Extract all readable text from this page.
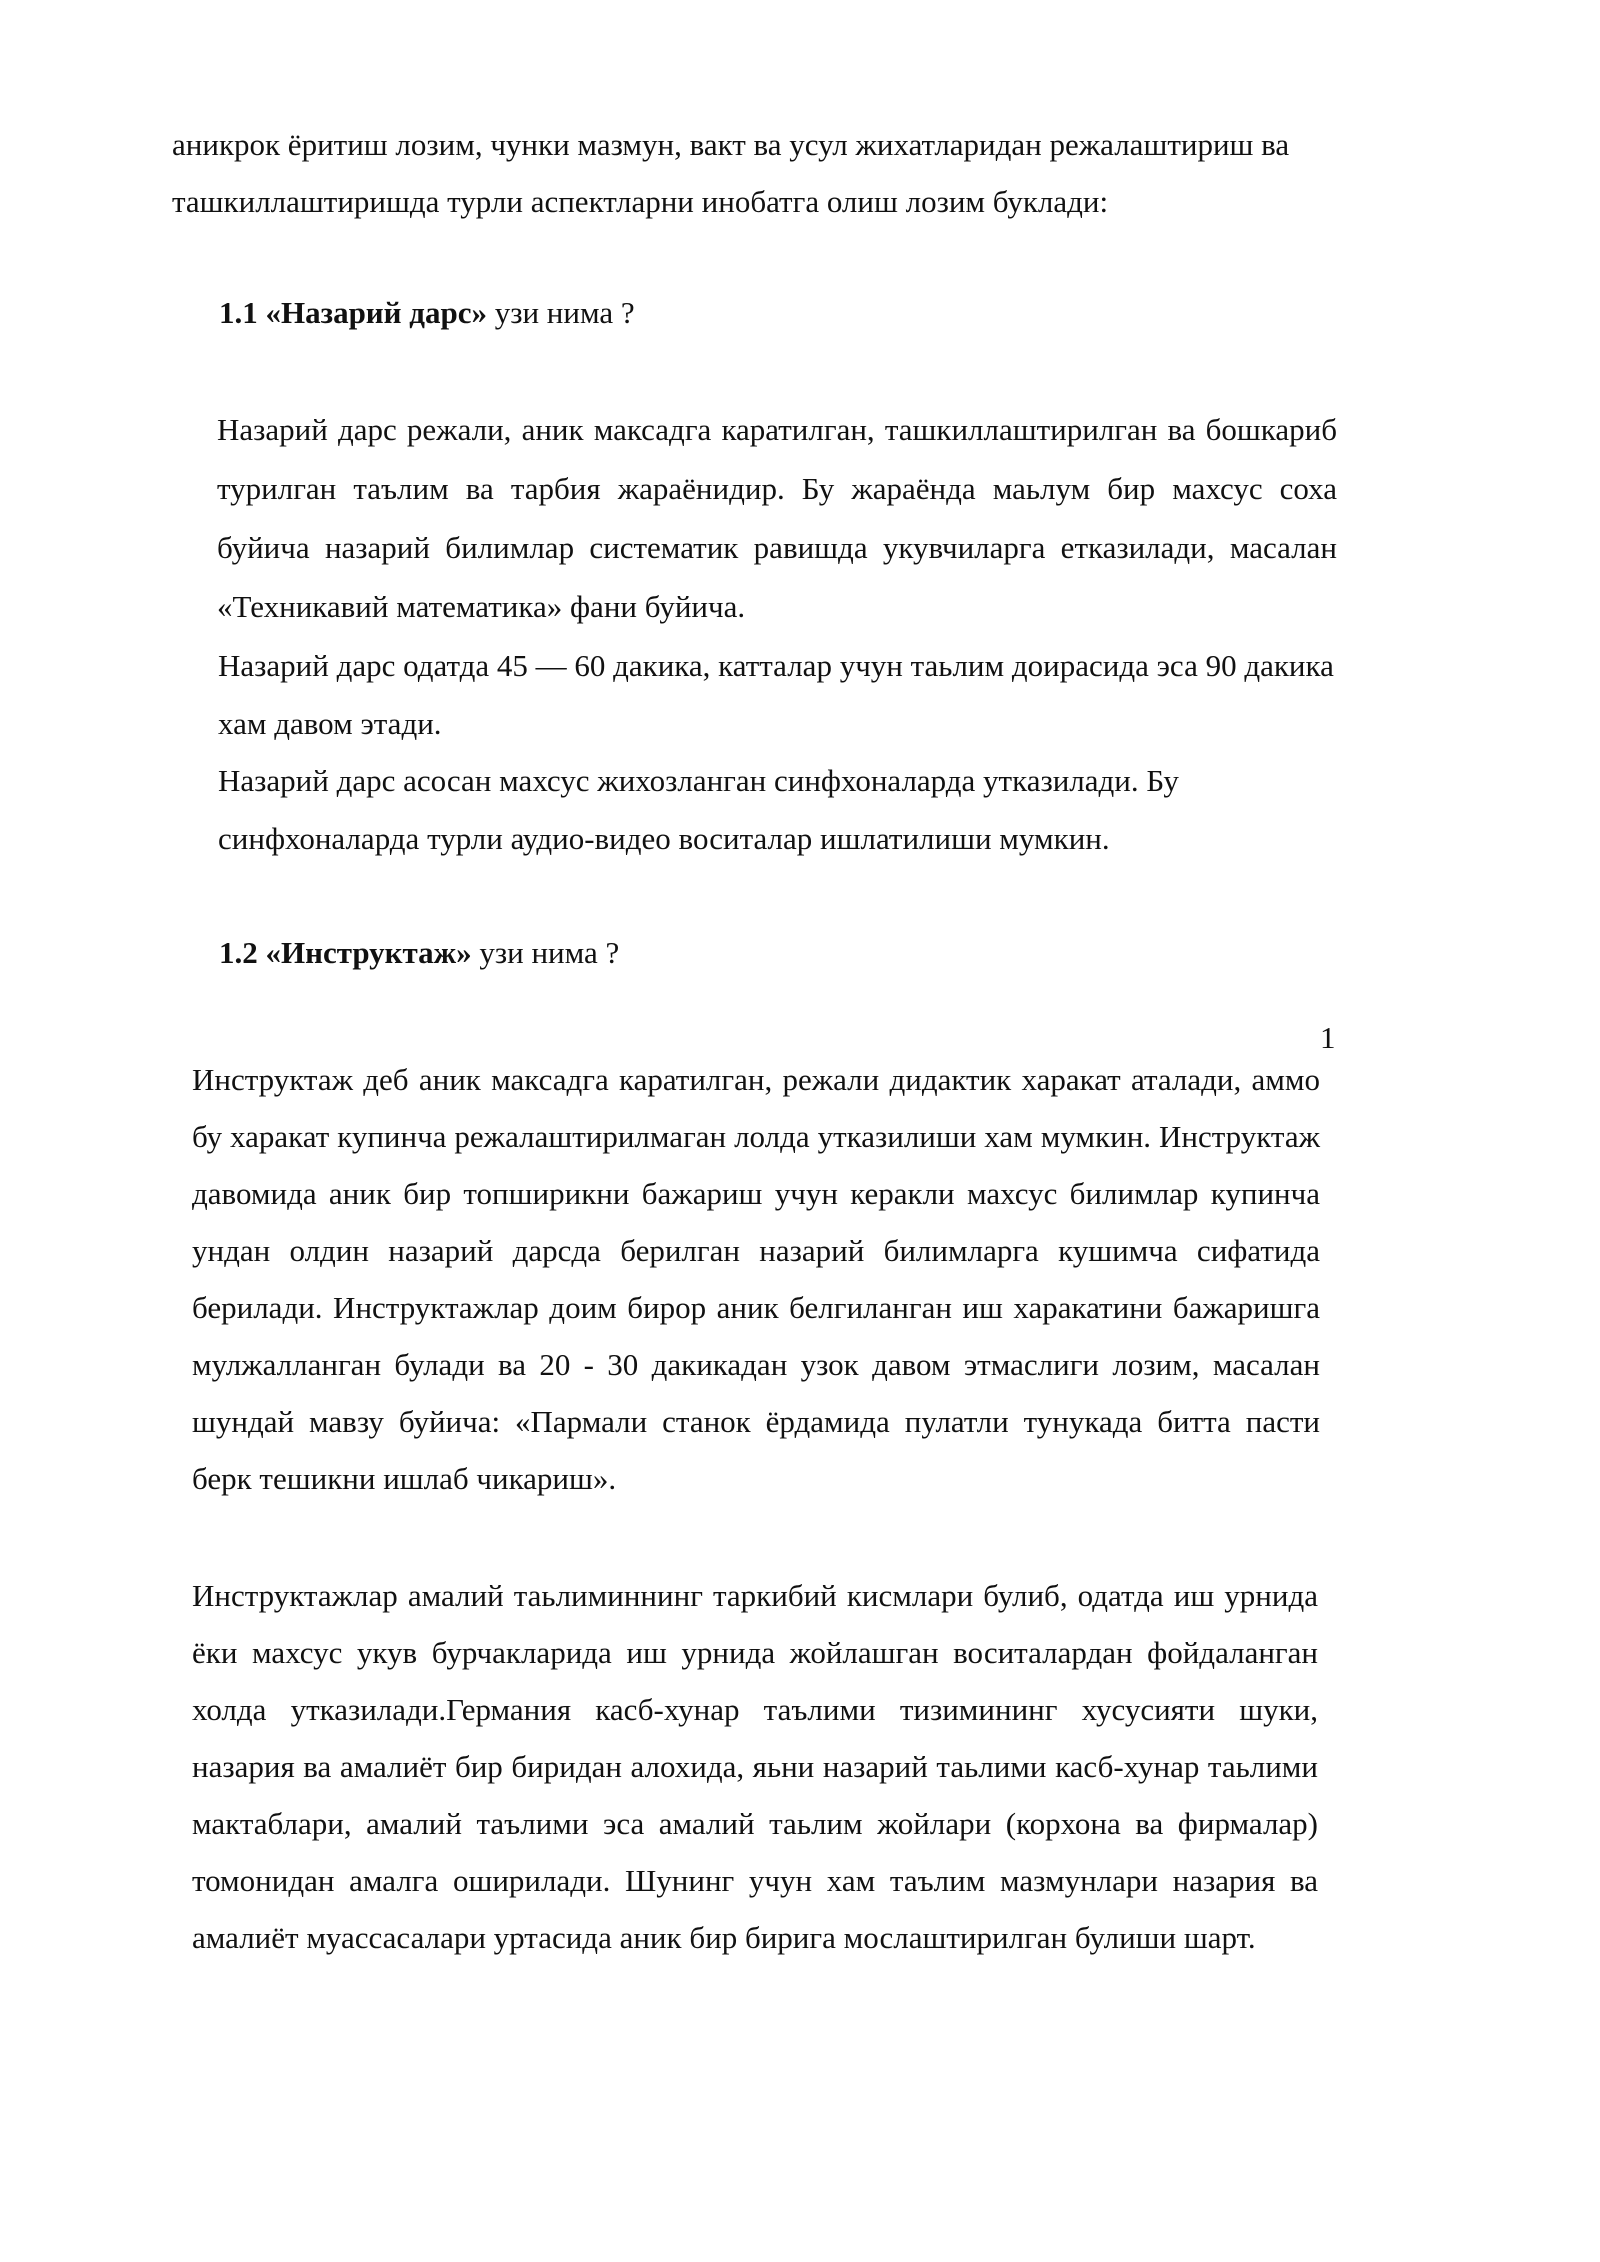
аникрок ёритиш лозим, чунки мазмун, вакт ва усул жихатларидан режалаштириш ва ташкиллаштиришда турли аспектларни инобатга олиш лозим буклади:

1.1 «Назарий дарс» узи нима ?

Назарий дарс режали, аник максадга каратилган, ташкиллаштирилган ва бошкариб турилган таълим ва тарбия жараёнидир. Бу жараёнда маьлум бир махсус соха буйича назарий билимлар систематик равишда укувчиларга етказилади, масалан «Техникавий математика» фани буйича.

Назарий дарс одатда 45 — 60 дакика, катталар учун таьлим доирасида эса 90 дакика хам давом этади.

Назарий дарс асосан махсус жихозланган синфхоналарда утказилади. Бу синфхоналарда турли аудио-видео воситалар ишлатилиши мумкин.

1.2 «Инструктаж» узи нима ?

1

Инструктаж деб аник максадга каратилган, режали дидактик харакат аталади, аммо бу харакат купинча режалаштирилмаган лолда утказилиши хам мумкин. Инструктаж давомида аник бир топширикни бажариш учун керакли махсус билимлар купинча ундан олдин назарий дарсда берилган назарий билимларга кушимча сифатида берилади. Инструктажлар доим бирор аник белгиланган иш харакатини бажаришга мулжалланган булади ва 20 - 30 дакикадан узок давом этмаслиги лозим, масалан шундай мавзу буйича: «Пармали станок ёрдамида пулатли тунукада битта пасти берк тешикни ишлаб чикариш».

Инструктажлар амалий таьлиминнинг таркибий кисмлари булиб, одатда иш урнида ёки махсус укув бурчакларида иш урнида жойлашган воситалардан фойдаланган холда утказилади.Германия касб-хунар таълими тизимининг хусусияти шуки, назария ва амалиёт бир биридан алохида, яьни назарий таьлими касб-хунар таьлими мактаблари, амалий таълими эса амалий таьлим жойлари (корхона ва фирмалар) томонидан амалга оширилади. Шунинг учун хам таълим мазмунлари назария ва амалиёт муассасалари уртасида аник бир бирига мослаштирилган булиши шарт.
